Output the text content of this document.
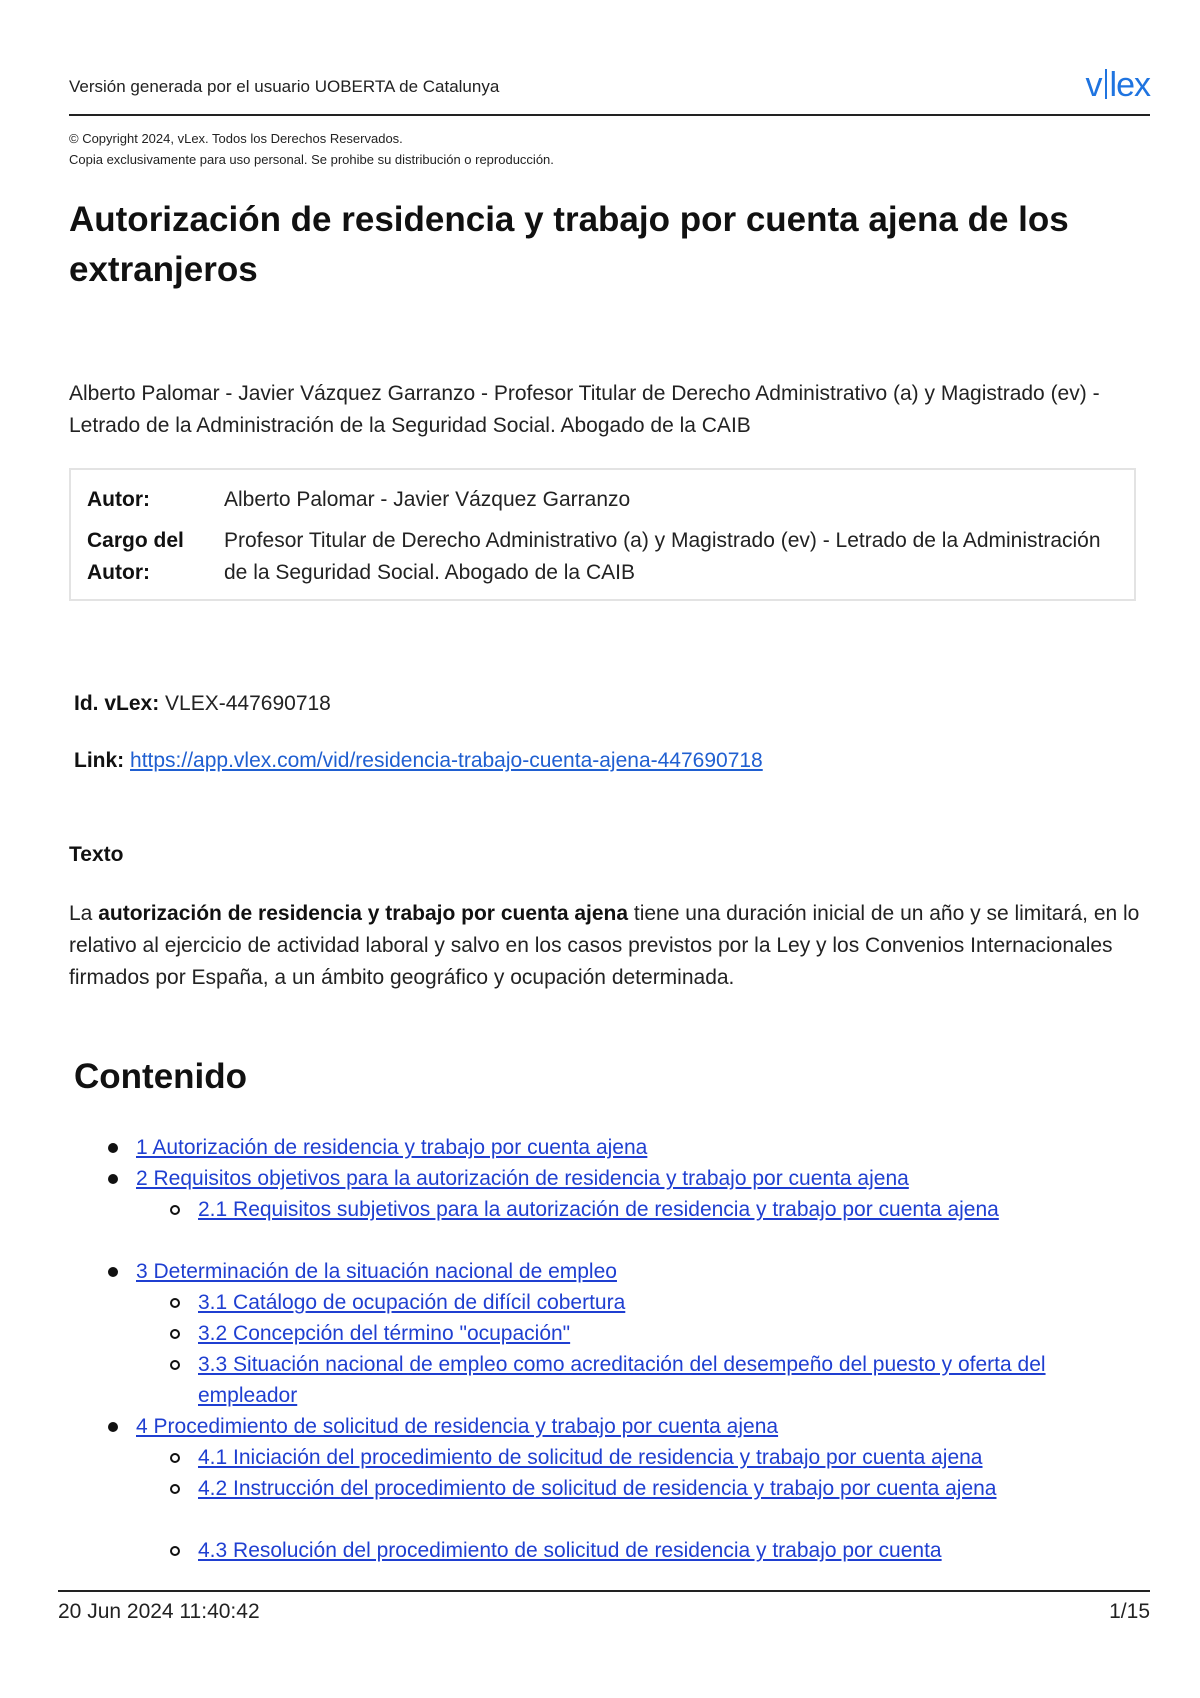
Versión generada por el usuario UOBERTA de Catalunya	v lex
© Copyright 2024, vLex. Todos los Derechos Reservados.
Copia exclusivamente para uso personal. Se prohibe su distribución o reproducción.
Autorización de residencia y trabajo por cuenta ajena de los extranjeros
Alberto Palomar - Javier Vázquez Garranzo - Profesor Titular de Derecho Administrativo (a) y Magistrado (ev) - Letrado de la Administración de la Seguridad Social. Abogado de la CAIB
Autor:	Alberto Palomar - Javier Vázquez Garranzo
Cargo del Autor:
Profesor Titular de Derecho Administrativo (a) y Magistrado (ev) - Letrado de la Administración de la Seguridad Social. Abogado de la CAIB
Id. vLex: VLEX-447690718
Link: https://app.vlex.com/vid/residencia-trabajo-cuenta-ajena-447690718
Texto
La autorización de residencia y trabajo por cuenta ajena tiene una duración inicial de un año y se limitará, en lo relativo al ejercicio de actividad laboral y salvo en los casos previstos por la Ley y los Convenios Internacionales firmados por España, a un ámbito geográfico y ocupación determinada.
Contenido
1 Autorización de residencia y trabajo por cuenta ajena
2 Requisitos objetivos para la autorización de residencia y trabajo por cuenta ajena
2.1 Requisitos subjetivos para la autorización de residencia y trabajo por cuenta ajena
3 Determinación de la situación nacional de empleo
3.1 Catálogo de ocupación de difícil cobertura
3.2 Concepción del término "ocupación"
3.3 Situación nacional de empleo como acreditación del desempeño del puesto y oferta del empleador
4 Procedimiento de solicitud de residencia y trabajo por cuenta ajena
4.1 Iniciación del procedimiento de solicitud de residencia y trabajo por cuenta ajena
4.2 Instrucción del procedimiento de solicitud de residencia y trabajo por cuenta ajena
4.3 Resolución del procedimiento de solicitud de residencia y trabajo por cuenta
20 Jun 2024 11:40:42	1/15
